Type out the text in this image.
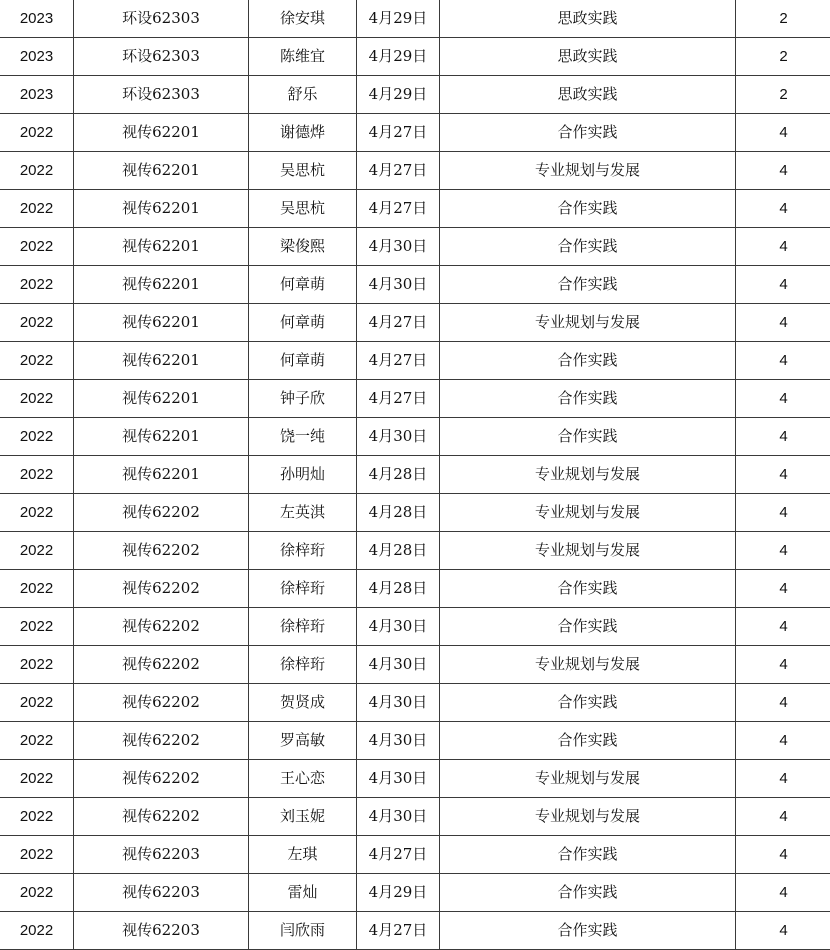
2023	环设62303	徐安琪	4月29日	思政实践	2
2023	环设62303	陈维宜	4月29日	思政实践	2
2023	环设62303	舒乐	4月29日	思政实践	2
2022	视传62201	谢德烨	4月27日	合作实践	4
2022	视传62201	吴思杭	4月27日	专业规划与发展	4
2022	视传62201	吴思杭	4月27日	合作实践	4
2022	视传62201	梁俊熙	4月30日	合作实践	4
2022	视传62201	何章萌	4月30日	合作实践	4
2022	视传62201	何章萌	4月27日	专业规划与发展	4
2022	视传62201	何章萌	4月27日	合作实践	4
2022	视传62201	钟子欣	4月27日	合作实践	4
2022	视传62201	饶一纯	4月30日	合作实践	4
2022	视传62201	孙明灿	4月28日	专业规划与发展	4
2022	视传62202	左英淇	4月28日	专业规划与发展	4
2022	视传62202	徐梓珩	4月28日	专业规划与发展	4
2022	视传62202	徐梓珩	4月28日	合作实践	4
2022	视传62202	徐梓珩	4月30日	合作实践	4
2022	视传62202	徐梓珩	4月30日	专业规划与发展	4
2022	视传62202	贺贤成	4月30日	合作实践	4
2022	视传62202	罗高敏	4月30日	合作实践	4
2022	视传62202	王心恋	4月30日	专业规划与发展	4
2022	视传62202	刘玉妮	4月30日	专业规划与发展	4
2022	视传62203	左琪	4月27日	合作实践	4
2022	视传62203	雷灿	4月29日	合作实践	4
2022	视传62203	闫欣雨	4月27日	合作实践	4
